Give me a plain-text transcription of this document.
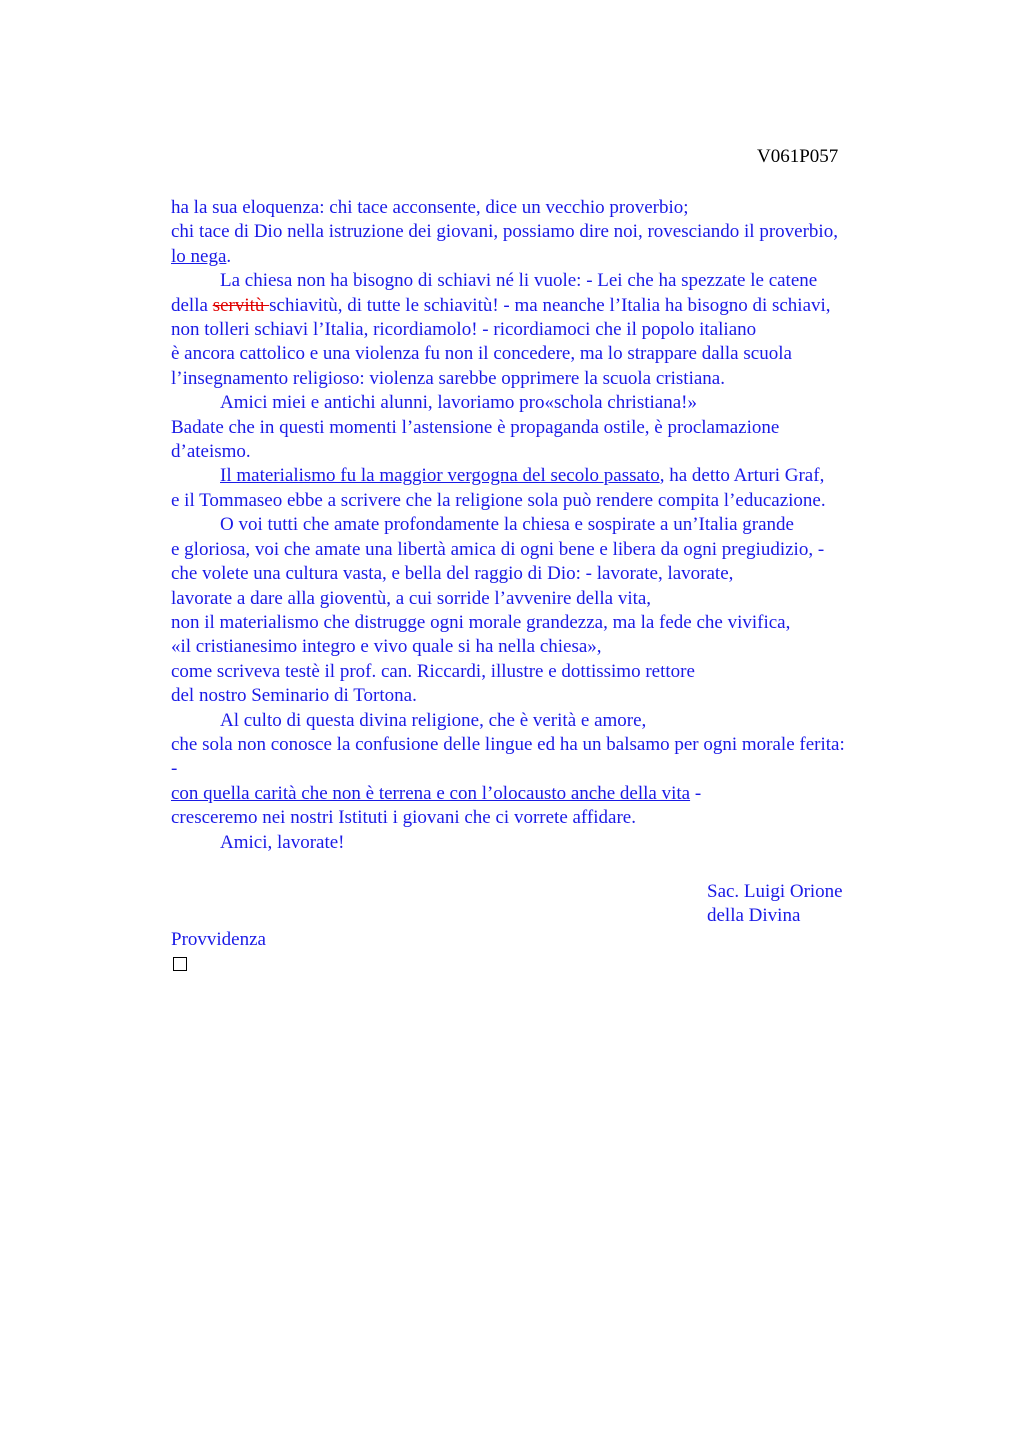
V061P057
ha la sua eloquenza: chi tace acconsente, dice un vecchio proverbio;
chi tace di Dio nella istruzione dei giovani, possiamo dire noi, rovesciando il proverbio,
lo nega.
La chiesa non ha bisogno di schiavi né li vuole: - Lei che ha spezzate le catene
della servitù schiavitù, di tutte le schiavitù! - ma neanche l’Italia ha bisogno di schiavi,
non tolleri schiavi l’Italia, ricordiamolo! - ricordiamoci che il popolo italiano
è ancora cattolico e una violenza fu non il concedere, ma lo strappare dalla scuola
l’insegnamento religioso: violenza sarebbe opprimere la scuola cristiana.
Amici miei e antichi alunni, lavoriamo pro«schola christiana!»
Badate che in questi momenti l’astensione è propaganda ostile, è proclamazione
d’ateismo.
Il materialismo fu la maggior vergogna del secolo passato, ha detto Arturi Graf,
e il Tommaseo ebbe a scrivere che la religione sola può rendere compita l’educazione.
O voi tutti che amate profondamente la chiesa e sospirate a un’Italia grande
e gloriosa, voi che amate una libertà amica di ogni bene e libera da ogni pregiudizio, -
che volete una cultura vasta, e bella del raggio di Dio: - lavorate, lavorate,
lavorate a dare alla gioventù, a cui sorride l’avvenire della vita,
non il materialismo che distrugge ogni morale grandezza, ma la fede che vivifica,
«il cristianesimo integro e vivo quale si ha nella chiesa»,
come scriveva testè il prof. can. Riccardi, illustre e dottissimo rettore
del nostro Seminario di Tortona.
Al culto di questa divina religione, che è verità e amore,
che sola non conosce la confusione delle lingue ed ha un balsamo per ogni morale ferita:
-
con quella carità che non è terrena e con l’olocausto anche della vita -
cresceremo nei nostri Istituti i giovani che ci vorrete affidare.
Amici, lavorate!
Sac. Luigi Orione
della Divina
Provvidenza
